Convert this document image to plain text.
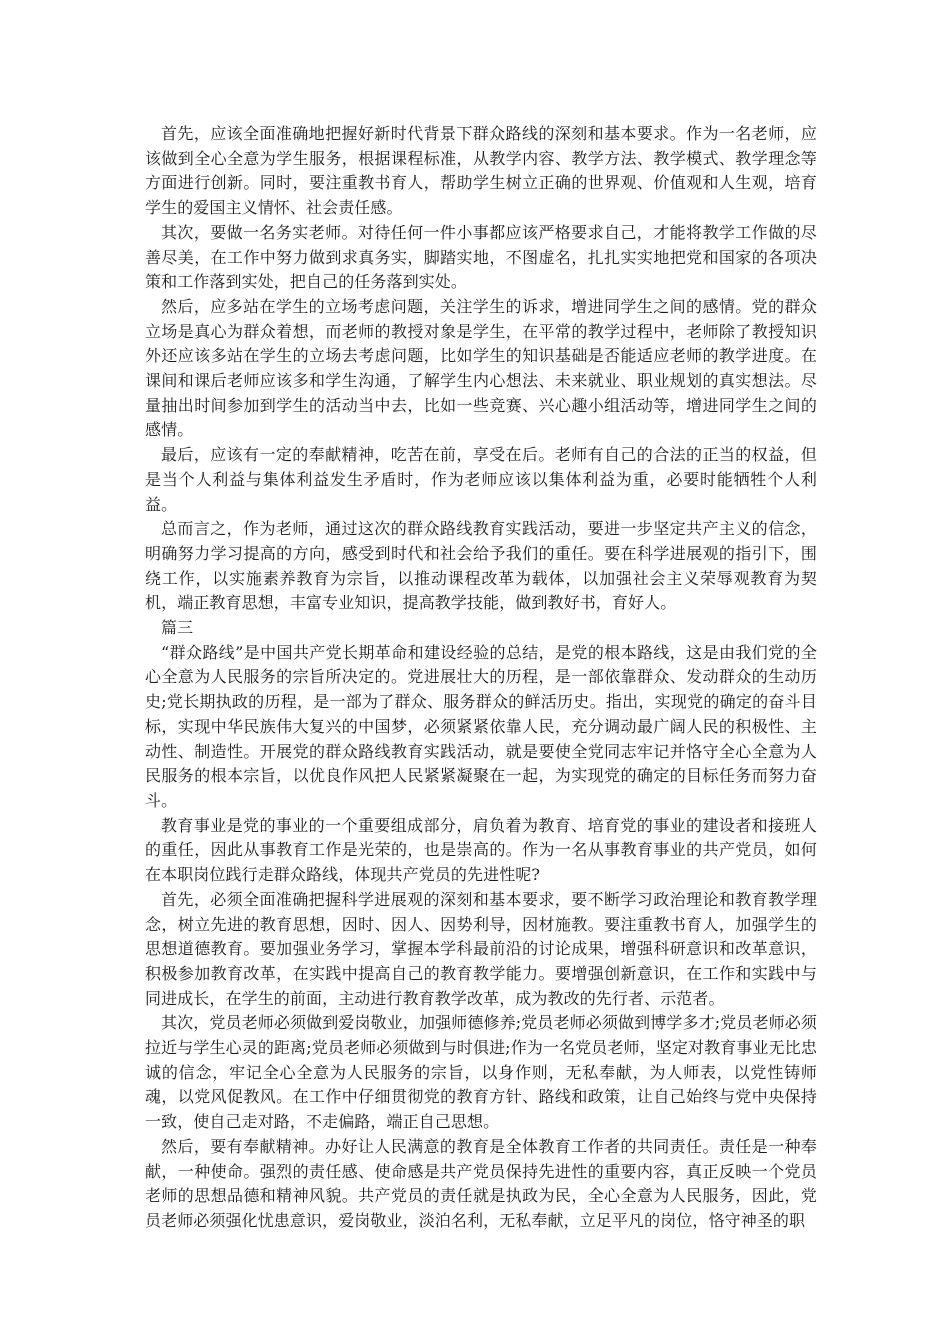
首先，应该全面准确地把握好新时代背景下群众路线的深刻和基本要求。作为一名老师，应该做到全心全意为学生服务，根据课程标准，从教学内容、教学方法、教学模式、教学理念等方面进行创新。同时，要注重教书育人，帮助学生树立正确的世界观、价值观和人生观，培育学生的爱国主义情怀、社会责任感。

其次，要做一名务实老师。对待任何一件小事都应该严格要求自己，才能将教学工作做的尽善尽美，在工作中努力做到求真务实，脚踏实地，不图虚名，扎扎实实地把党和国家的各项决策和工作落到实处，把自己的任务落到实处。

然后，应多站在学生的立场考虑问题，关注学生的诉求，增进同学生之间的感情。党的群众立场是真心为群众着想，而老师的教授对象是学生，在平常的教学过程中，老师除了教授知识外还应该多站在学生的立场去考虑问题，比如学生的知识基础是否能适应老师的教学进度。在课间和课后老师应该多和学生沟通，了解学生内心想法、未来就业、职业规划的真实想法。尽量抽出时间参加到学生的活动当中去，比如一些竞赛、兴心趣小组活动等，增进同学生之间的感情。

最后，应该有一定的奉献精神，吃苦在前，享受在后。老师有自己的合法的正当的权益，但是当个人利益与集体利益发生矛盾时，作为老师应该以集体利益为重，必要时能牺牲个人利益。

总而言之，作为老师，通过这次的群众路线教育实践活动，要进一步坚定共产主义的信念，明确努力学习提高的方向，感受到时代和社会给予我们的重任。要在科学进展观的指引下，围绕工作，以实施素养教育为宗旨，以推动课程改革为载体，以加强社会主义荣辱观教育为契机，端正教育思想，丰富专业知识，提高教学技能，做到教好书，育好人。

篇三

“群众路线”是中国共产党长期革命和建设经验的总结，是党的根本路线，这是由我们党的全心全意为人民服务的宗旨所决定的。党进展壮大的历程，是一部依靠群众、发动群众的生动历史;党长期执政的历程，是一部为了群众、服务群众的鲜活历史。指出，实现党的确定的奋斗目标，实现中华民族伟大复兴的中国梦，必须紧紧依靠人民，充分调动最广阔人民的积极性、主动性、制造性。开展党的群众路线教育实践活动，就是要使全党同志牢记并恪守全心全意为人民服务的根本宗旨，以优良作风把人民紧紧凝聚在一起，为实现党的确定的目标任务而努力奋斗。

教育事业是党的事业的一个重要组成部分，肩负着为教育、培育党的事业的建设者和接班人的重任，因此从事教育工作是光荣的，也是崇高的。作为一名从事教育事业的共产党员，如何在本职岗位践行走群众路线，体现共产党员的先进性呢?

首先，必须全面准确把握科学进展观的深刻和基本要求，要不断学习政治理论和教育教学理念，树立先进的教育思想，因时、因人、因势利导，因材施教。要注重教书育人，加强学生的思想道德教育。要加强业务学习，掌握本学科最前沿的讨论成果，增强科研意识和改革意识，积极参加教育改革，在实践中提高自己的教育教学能力。要增强创新意识，在工作和实践中与同进成长，在学生的前面，主动进行教育教学改革，成为教改的先行者、示范者。

其次，党员老师必须做到爱岗敬业，加强师德修养;党员老师必须做到博学多才;党员老师必须拉近与学生心灵的距离;党员老师必须做到与时俱进;作为一名党员老师，坚定对教育事业无比忠诚的信念，牢记全心全意为人民服务的宗旨，以身作则，无私奉献，为人师表，以党性铸师魂，以党风促教风。在工作中仔细贯彻党的教育方针、路线和政策，让自己始终与党中央保持一致，使自己走对路，不走偏路，端正自己思想。

然后，要有奉献精神。办好让人民满意的教育是全体教育工作者的共同责任。责任是一种奉献，一种使命。强烈的责任感、使命感是共产党员保持先进性的重要内容，真正反映一个党员老师的思想品德和精神风貌。共产党员的责任就是执政为民，全心全意为人民服务，因此，党员老师必须强化忧患意识，爱岗敬业，淡泊名利，无私奉献，立足平凡的岗位，恪守神圣的职
